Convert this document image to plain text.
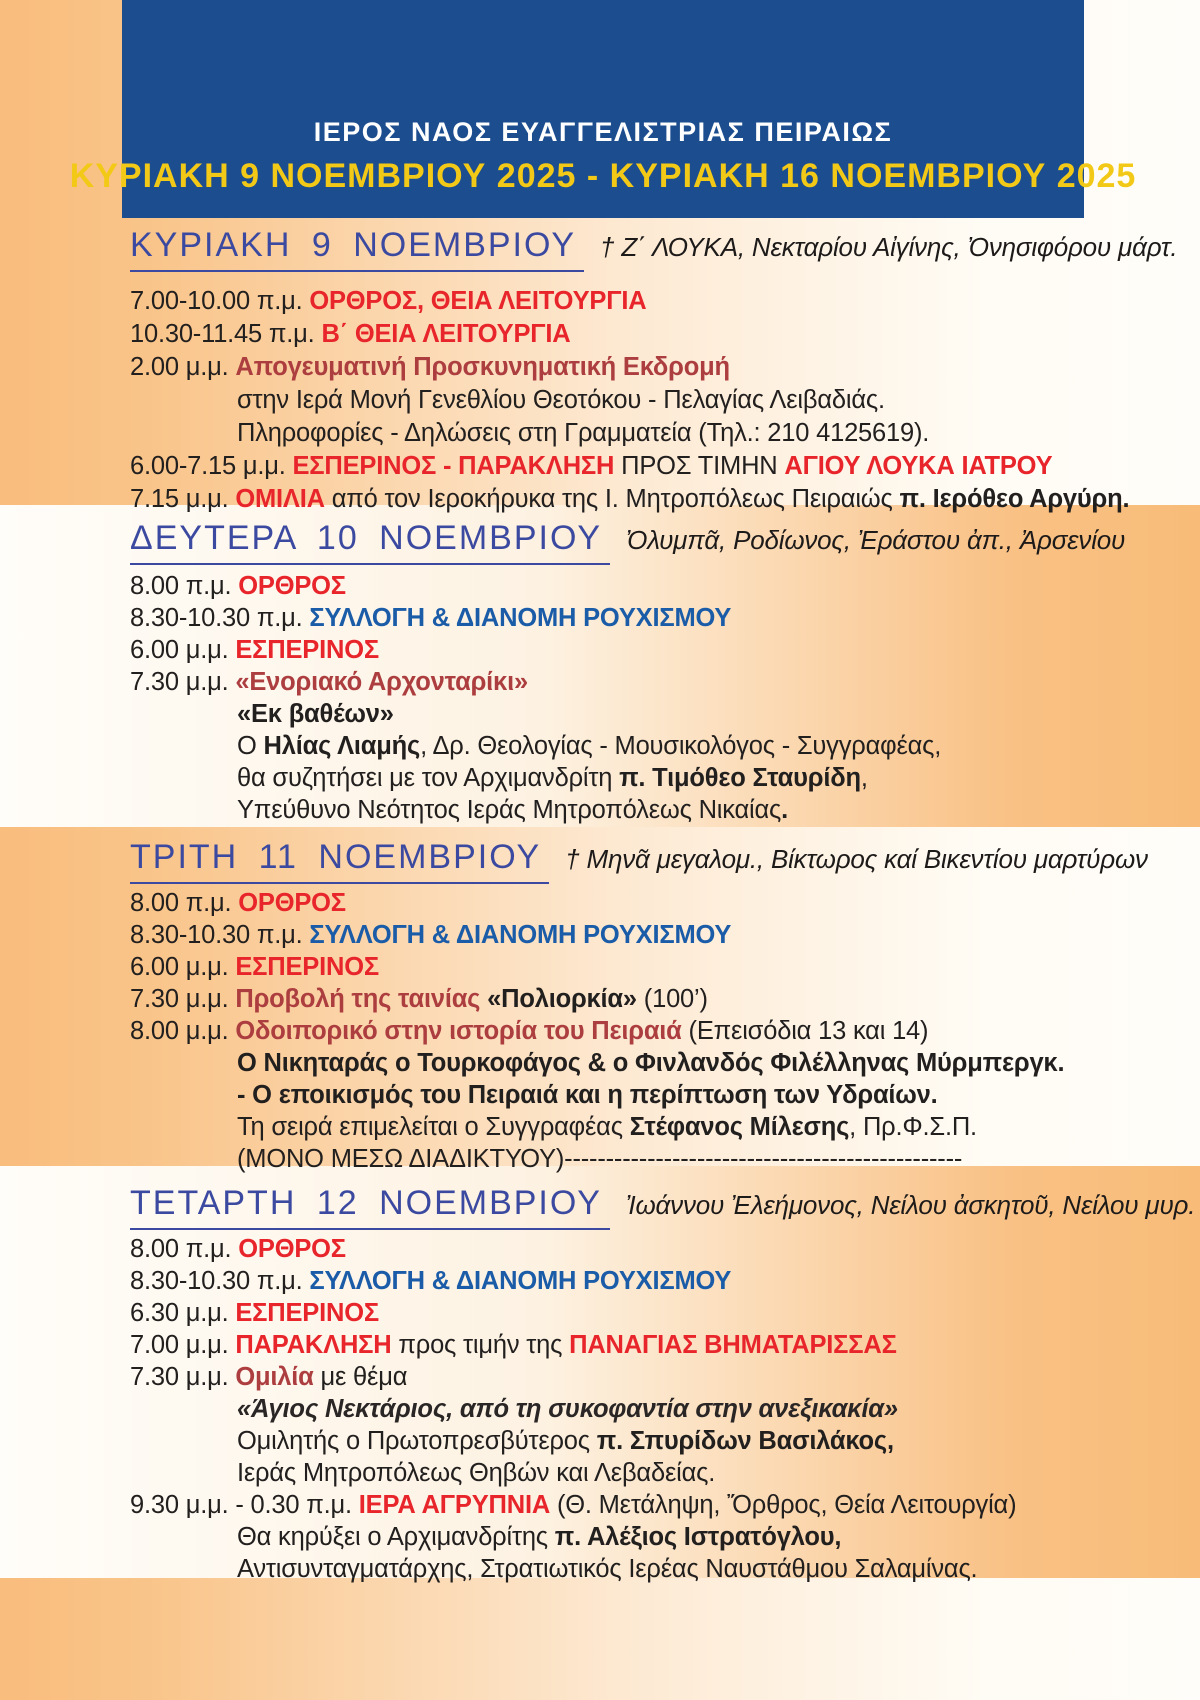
ΙΕΡΟΣ ΝΑΟΣ ΕΥΑΓΓΕΛΙΣΤΡΙΑΣ ΠΕΙΡΑΙΩΣ
ΚΥΡΙΑΚΗ 9 ΝΟΕΜΒΡΙΟΥ 2025 - ΚΥΡΙΑΚΗ 16 ΝΟΕΜΒΡΙΟΥ 2025
ΚΥΡΙΑΚΗ 9 ΝΟΕΜΒΡΙΟΥ † Ζ΄ ΛΟΥΚΑ, Νεκταρίου Αἰγίνης, Ὀνησιφόρου μάρτ.
7.00-10.00 π.μ. ΟΡΘΡΟΣ, ΘΕΙΑ ΛΕΙΤΟΥΡΓΙΑ
10.30-11.45 π.μ. Β΄ ΘΕΙΑ ΛΕΙΤΟΥΡΓΙΑ
2.00 μ.μ. Απογευματινή Προσκυνηματική Εκδρομή
στην Ιερά Μονή Γενεθλίου Θεοτόκου - Πελαγίας Λειβαδιάς.
Πληροφορίες - Δηλώσεις στη Γραμματεία (Τηλ.: 210 4125619).
6.00-7.15 μ.μ. ΕΣΠΕΡΙΝΟΣ - ΠΑΡΑΚΛΗΣΗ ΠΡΟΣ ΤΙΜΗΝ ΑΓΙΟΥ ΛΟΥΚΑ ΙΑΤΡΟΥ
7.15 μ.μ. ΟΜΙΛΙΑ από τον Ιεροκήρυκα της Ι. Μητροπόλεως Πειραιώς π. Ιερόθεο Αργύρη.
ΔΕΥΤΕΡΑ 10 ΝΟΕΜΒΡΙΟΥ Ὀλυμπᾶ, Ροδίωνος, Ἐράστου ἀπ., Ἀρσενίου
8.00 π.μ. ΟΡΘΡΟΣ
8.30-10.30 π.μ. ΣΥΛΛΟΓΗ & ΔΙΑΝΟΜΗ ΡΟΥΧΙΣΜΟΥ
6.00 μ.μ. ΕΣΠΕΡΙΝΟΣ
7.30 μ.μ. «Ενοριακό Αρχονταρίκι»
«Εκ βαθέων»
Ο Ηλίας Λιαμής, Δρ. Θεολογίας - Μουσικολόγος - Συγγραφέας,
θα συζητήσει με τον Αρχιμανδρίτη π. Τιμόθεο Σταυρίδη,
Υπεύθυνο Νεότητος Ιεράς Μητροπόλεως Νικαίας.
ΤΡΙΤΗ 11 ΝΟΕΜΒΡΙΟΥ † Μηνᾶ μεγαλομ., Βίκτωρος καί Βικεντίου μαρτύρων
8.00 π.μ. ΟΡΘΡΟΣ
8.30-10.30 π.μ. ΣΥΛΛΟΓΗ & ΔΙΑΝΟΜΗ ΡΟΥΧΙΣΜΟΥ
6.00 μ.μ. ΕΣΠΕΡΙΝΟΣ
7.30 μ.μ. Προβολή της ταινίας «Πολιορκία» (100’)
8.00 μ.μ. Οδοιπορικό στην ιστορία του Πειραιά (Επεισόδια 13 και 14)
Ο Νικηταράς ο Τουρκοφάγος & ο Φινλανδός Φιλέλληνας Μύρμπεργκ.
- Ο εποικισμός του Πειραιά και η περίπτωση των Υδραίων.
Τη σειρά επιμελείται ο Συγγραφέας Στέφανος Μίλεσης, Πρ.Φ.Σ.Π.
(ΜΟΝΟ ΜΕΣΩ ΔΙΑΔΙΚΤΥΟΥ)------------------------------------------------
ΤΕΤΑΡΤΗ 12 ΝΟΕΜΒΡΙΟΥ Ἰωάννου Ἐλεήμονος, Νείλου ἀσκητοῦ, Νείλου μυρ.
8.00 π.μ. ΟΡΘΡΟΣ
8.30-10.30 π.μ. ΣΥΛΛΟΓΗ & ΔΙΑΝΟΜΗ ΡΟΥΧΙΣΜΟΥ
6.30 μ.μ. ΕΣΠΕΡΙΝΟΣ
7.00 μ.μ. ΠΑΡΑΚΛΗΣΗ προς τιμήν της ΠΑΝΑΓΙΑΣ ΒΗΜΑΤΑΡΙΣΣΑΣ
7.30 μ.μ. Ομιλία με θέμα
«Άγιος Νεκτάριος, από τη συκοφαντία στην ανεξικακία»
Ομιλητής ο Πρωτοπρεσβύτερος π. Σπυρίδων Βασιλάκος,
Ιεράς Μητροπόλεως Θηβών και Λεβαδείας.
9.30 μ.μ. - 0.30 π.μ. ΙΕΡΑ ΑΓΡΥΠΝΙΑ (Θ. Μετάληψη, Ὄρθρος, Θεία Λειτουργία)
Θα κηρύξει ο Αρχιμανδρίτης π. Αλέξιος Ιστρατόγλου,
Αντισυνταγματάρχης, Στρατιωτικός Ιερέας Ναυστάθμου Σαλαμίνας.
